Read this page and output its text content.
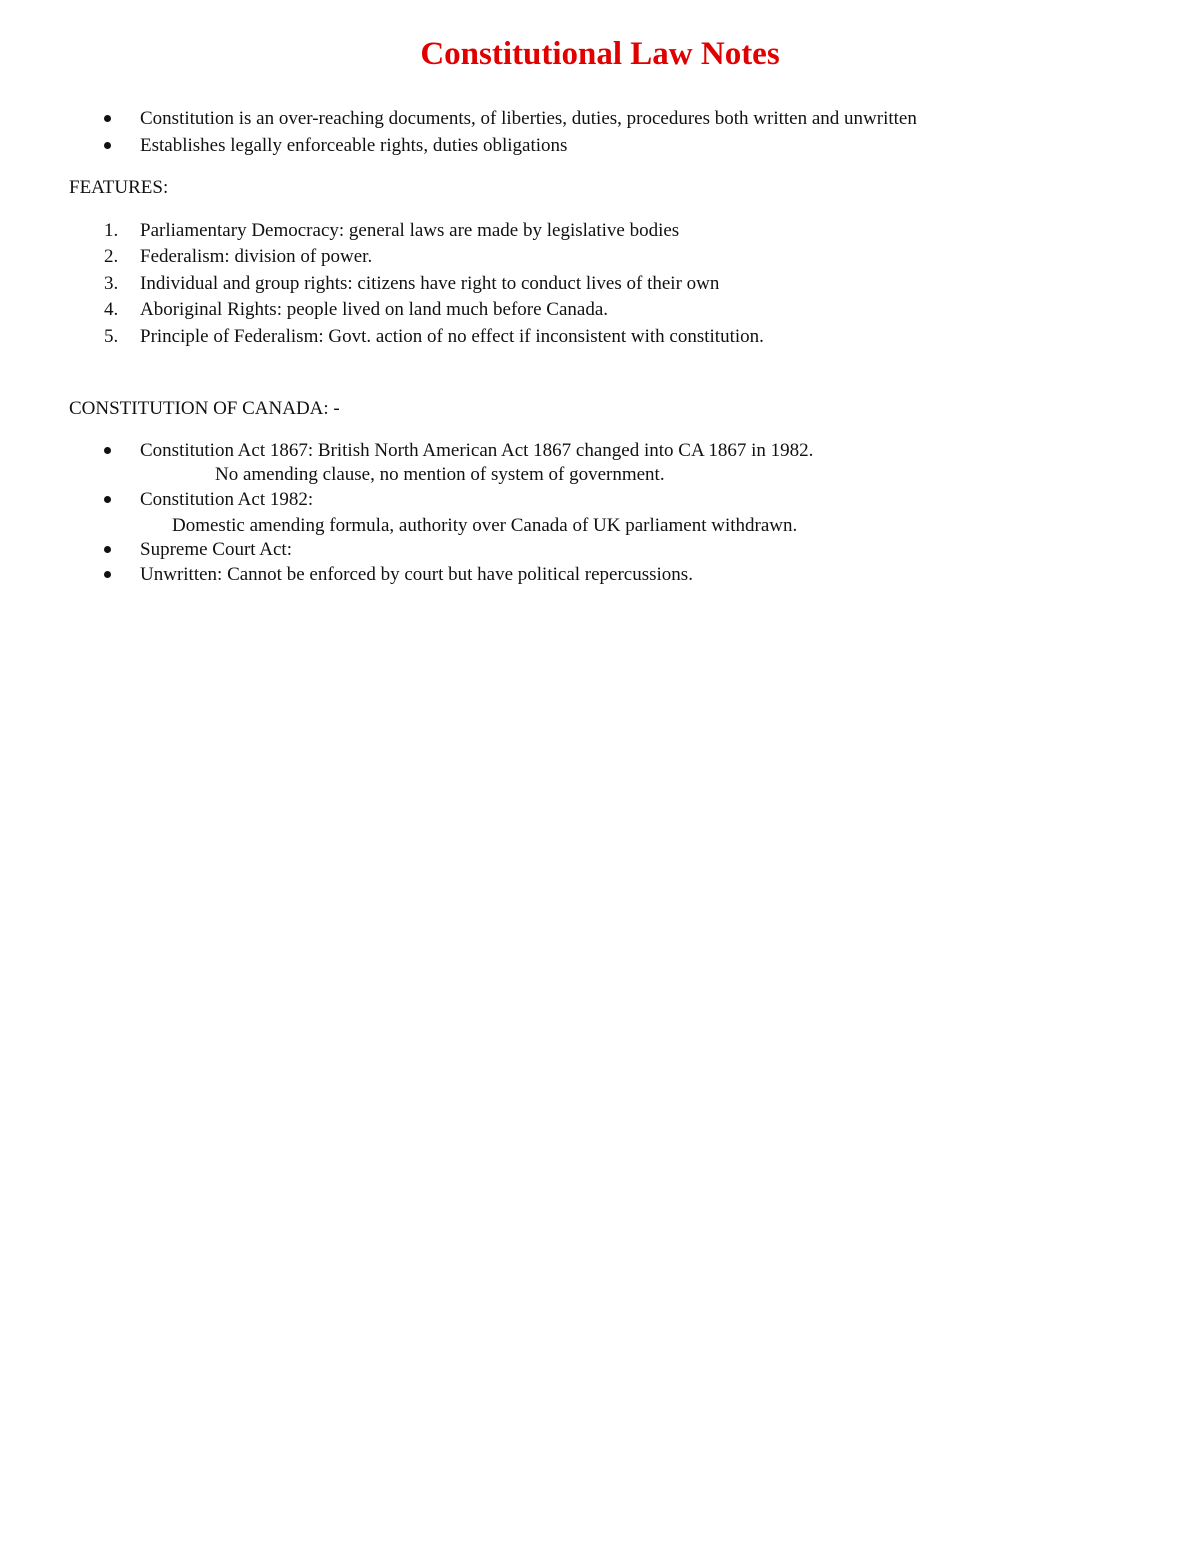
Constitutional Law Notes
Constitution is an over-reaching documents, of liberties, duties, procedures both written and unwritten
Establishes legally enforceable rights, duties obligations
FEATURES:
1. Parliamentary Democracy: general laws are made by legislative bodies
2. Federalism: division of power.
3. Individual and group rights: citizens have right to conduct lives of their own
4. Aboriginal Rights: people lived on land much before Canada.
5. Principle of Federalism: Govt. action of no effect if inconsistent with constitution.
CONSTITUTION OF CANADA: -
Constitution Act 1867: British North American Act 1867 changed into CA 1867 in 1982.
No amending clause, no mention of system of government.
Constitution Act 1982:
Domestic amending formula, authority over Canada of UK parliament withdrawn.
Supreme Court Act:
Unwritten: Cannot be enforced by court but have political repercussions.
